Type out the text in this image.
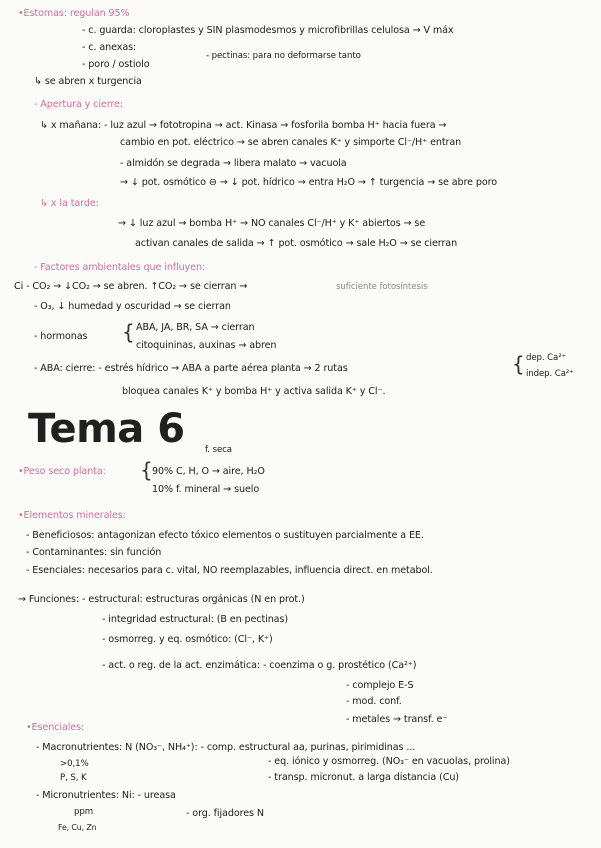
•Estomas: regulan 95%
- c. guarda: cloroplastes y SIN plasmodesmos y microfibrillas celulosa → V máx
- c. anexas:
- pectinas: para no deformarse tanto
- poro / ostiolo
↳ se abren x turgencia
- Apertura y cierre:
↳ x mañana: - luz azul → fototropina → act. Kinasa → fosforila bomba H⁺ hacia fuera →
cambio en pot. eléctrico → se abren canales K⁺ y simporte Cl⁻/H⁺ entran
- almidón se degrada → libera malato → vacuola
→ ↓ pot. osmótico ⊖ → ↓ pot. hídrico → entra H₂O → ↑ turgencia → se abre poro
↳ x la tarde:
→ ↓ luz azul → bomba H⁺ → NO canales Cl⁻/H⁺ y K⁺ abiertos → se
activan canales de salida → ↑ pot. osmótico → sale H₂O → se cierran
- Factores ambientales que influyen:
Ci - CO₂ → ↓CO₂ → se abren. ↑CO₂ → se cierran →	suficiente fotosíntesis
- O₃, ↓ humedad y oscuridad → se cierran
- hormonas { ABA, JA, BR, SA → cierran
citoquininas, auxinas → abren
- ABA: cierre: - estrés hídrico → ABA a parte aérea planta → 2 rutas	{ dep. Ca²⁺
indep. Ca²⁺
bloquea canales K⁺ y bomba H⁺ y activa salida K⁺ y Cl⁻.
Tema 6 f. seca
•Peso seco planta: { 90% C, H, O → aire, H₂O
10% f. mineral → suelo
•Elementos minerales:
- Beneficiosos: antagonizan efecto tóxico elementos o sustituyen parcialmente a EE.
- Contaminantes: sin función
- Esenciales: necesarios para c. vital, NO reemplazables, influencia direct. en metabol.
→ Funciones: - estructural: estructuras orgánicas (N en prot.)
- integridad estructural: (B en pectinas)
- osmorreg. y eq. osmótico: (Cl⁻, K⁺)
- act. o reg. de la act. enzimática: - coenzima o g. prostético (Ca²⁺)
- complejo E-S
- mod. conf.
- metales → transf. e⁻
•Esenciales:
- Macronutrientes: N (NO₃⁻, NH₄⁺): - comp. estructural aa, purinas, pirimidinas ...
>0,1%	- eq. iónico y osmorreg. (NO₃⁻ en vacuolas, prolina)
P, S, K	- transp. micronut. a larga distancia (Cu)
- Micronutrientes: Ni: - ureasa
ppm	- org. fijadores N
Fe, Cu, Zn
